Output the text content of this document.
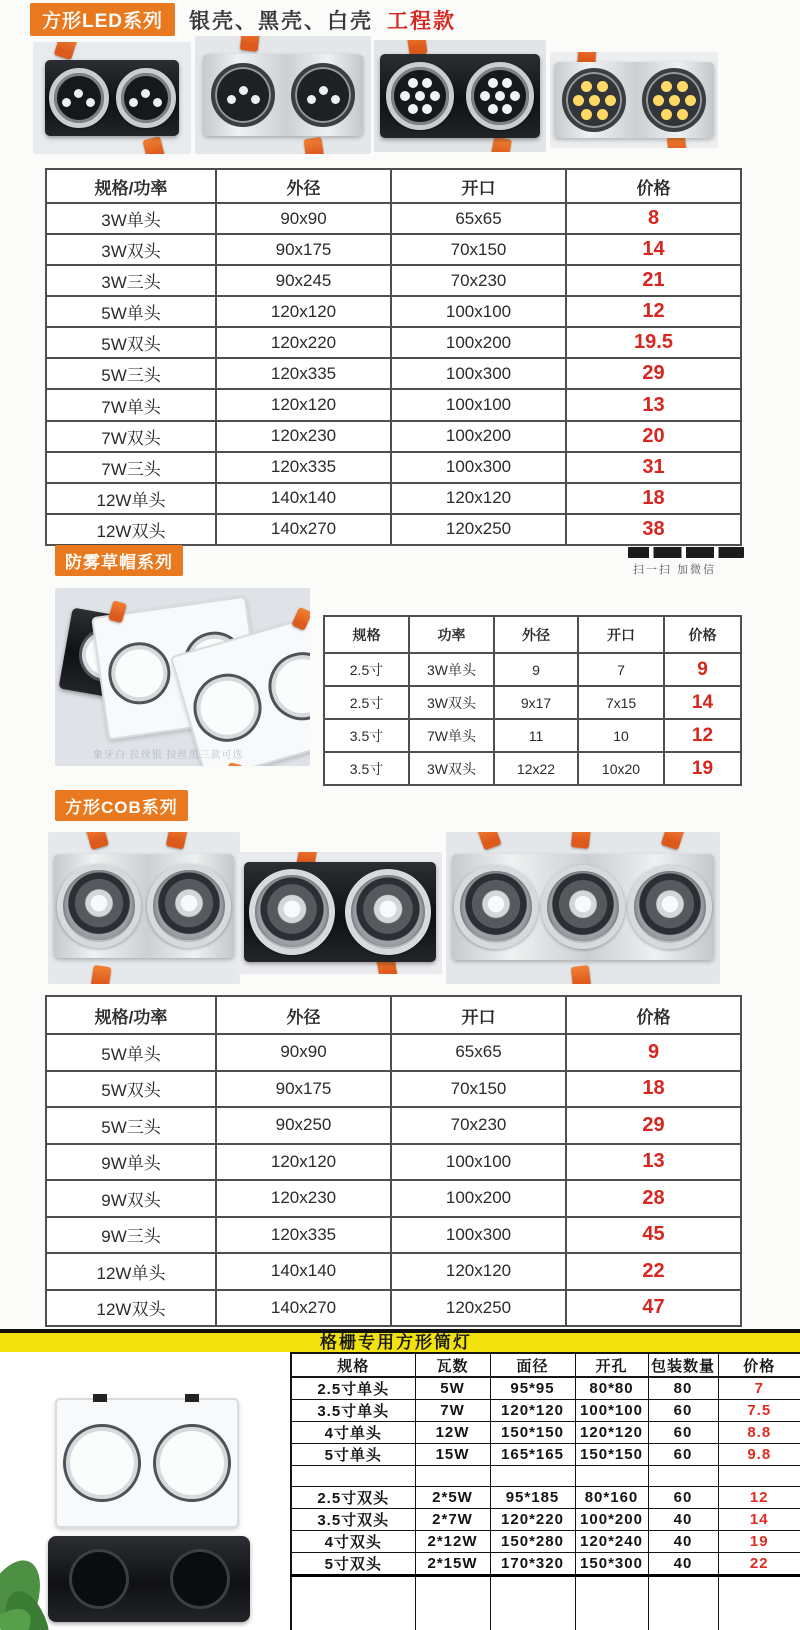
方形LED系列	银壳、黑壳、白壳 工程款
规格/功率	外径	开口	价格
3W单头	90x90	65x65	8
3W双头	90x175	70x150	14
3W三头	90x245	70x230	21
5W单头	120x120	100x100	12
5W双头	120x220	100x200	19.5
5W三头	120x335	100x300	29
7W单头	120x120	100x100	13
7W双头	120x230	100x200	20
7W三头	120x335	100x300	31
12W单头	140x140	120x120	18
12W双头	140x270	120x250	38
防雾草帽系列	扫一扫 加微信
象牙白 拉丝银 拉丝黑三款可选
规格	功率	外径	开口	价格
2.5寸	3W单头	9	7	9
2.5寸	3W双头	9x17	7x15	14
3.5寸	7W单头	11	10	12
3.5寸	3W双头	12x22	10x20	19
方形COB系列
规格/功率	外径	开口	价格
5W单头	90x90	65x65	9
5W双头	90x175	70x150	18
5W三头	90x250	70x230	29
9W单头	120x120	100x100	13
9W双头	120x230	100x200	28
9W三头	120x335	100x300	45
12W单头	140x140	120x120	22
12W双头	140x270	120x250	47
格栅专用方形筒灯
规格	瓦数	面径	开孔	包装数量	价格
2.5寸单头	5W	95*95	80*80	80	7
3.5寸单头	7W	120*120	100*100	60	7.5
4寸单头	12W	150*150	120*120	60	8.8
5寸单头	15W	165*165	150*150	60	9.8

2.5寸双头	2*5W	95*185	80*160	60	12
3.5寸双头	2*7W	120*220	100*200	40	14
4寸双头	2*12W	150*280	120*240	40	19
5寸双头	2*15W	170*320	150*300	40	22
